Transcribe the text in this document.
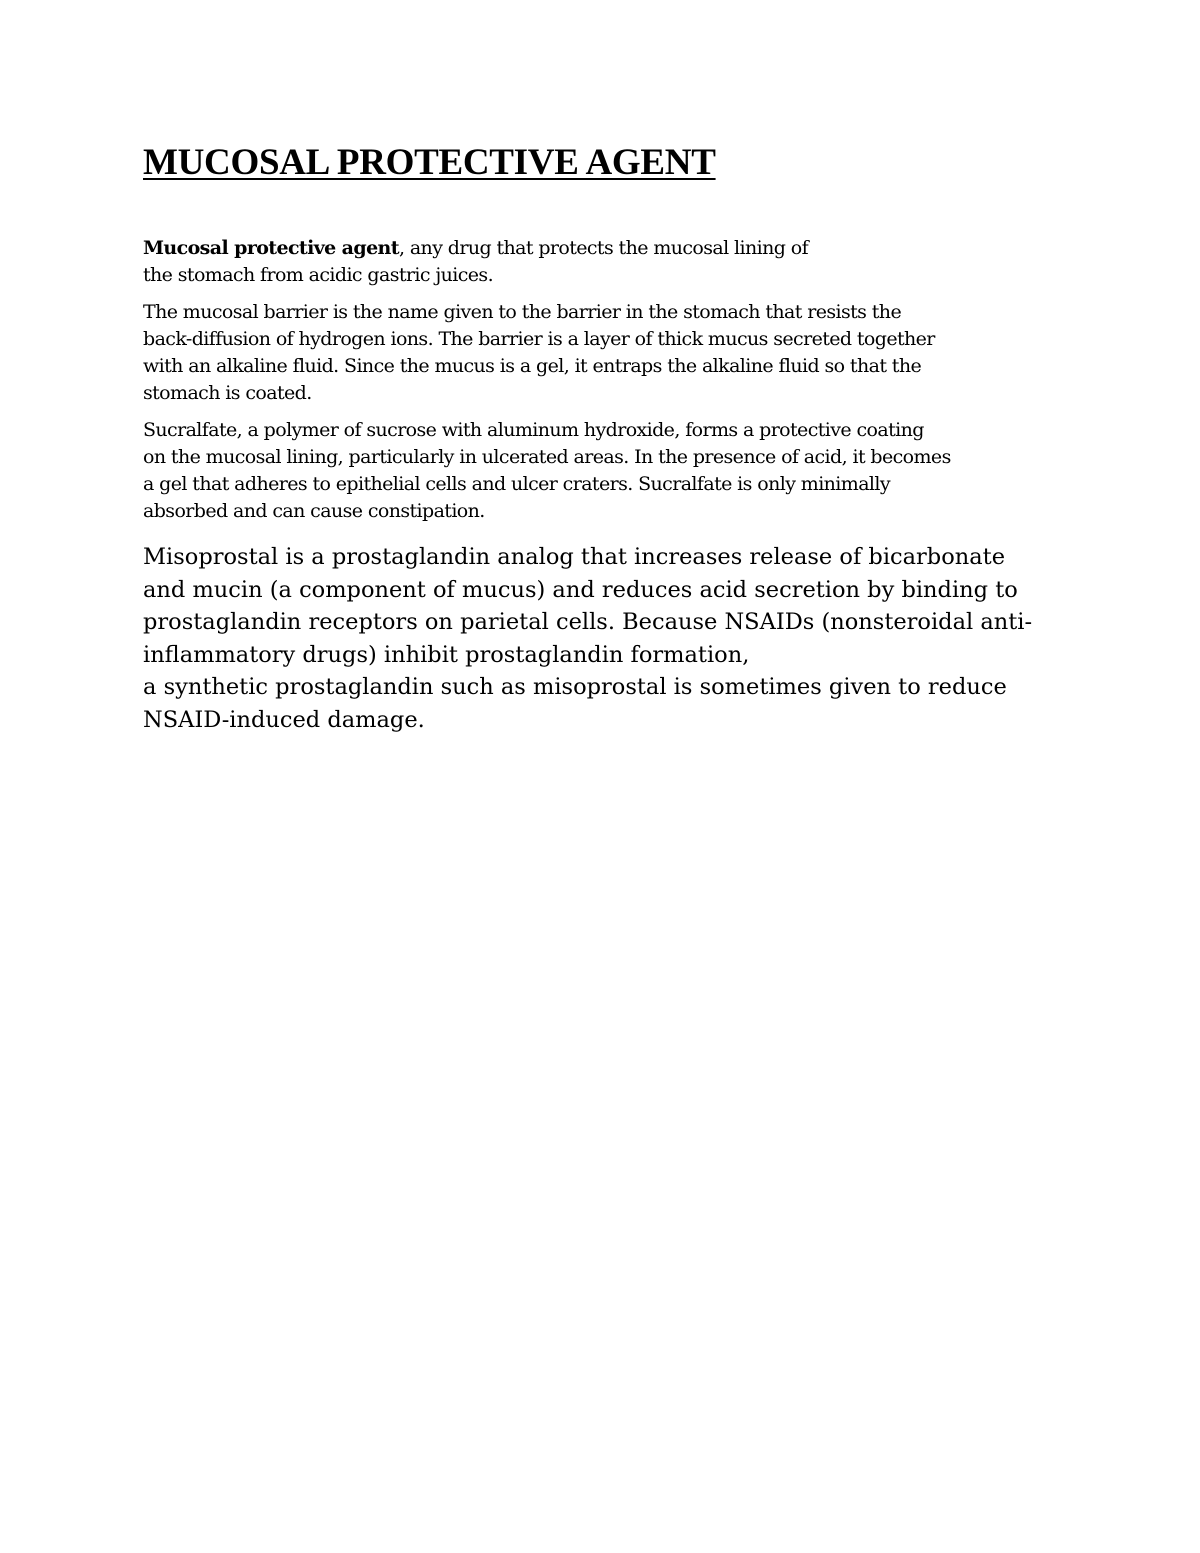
MUCOSAL PROTECTIVE AGENT

Mucosal protective agent, any drug that protects the mucosal lining of
the stomach from acidic gastric juices.

The mucosal barrier is the name given to the barrier in the stomach that resists the
back-diffusion of hydrogen ions. The barrier is a layer of thick mucus secreted together
with an alkaline fluid. Since the mucus is a gel, it entraps the alkaline fluid so that the
stomach is coated.

Sucralfate, a polymer of sucrose with aluminum hydroxide, forms a protective coating
on the mucosal lining, particularly in ulcerated areas. In the presence of acid, it becomes
a gel that adheres to epithelial cells and ulcer craters. Sucralfate is only minimally
absorbed and can cause constipation.

Misoprostal is a prostaglandin analog that increases release of bicarbonate
and mucin (a component of mucus) and reduces acid secretion by binding to
prostaglandin receptors on parietal cells. Because NSAIDs (nonsteroidal anti-
inflammatory drugs) inhibit prostaglandin formation,
a synthetic prostaglandin such as misoprostal is sometimes given to reduce
NSAID-induced damage.
